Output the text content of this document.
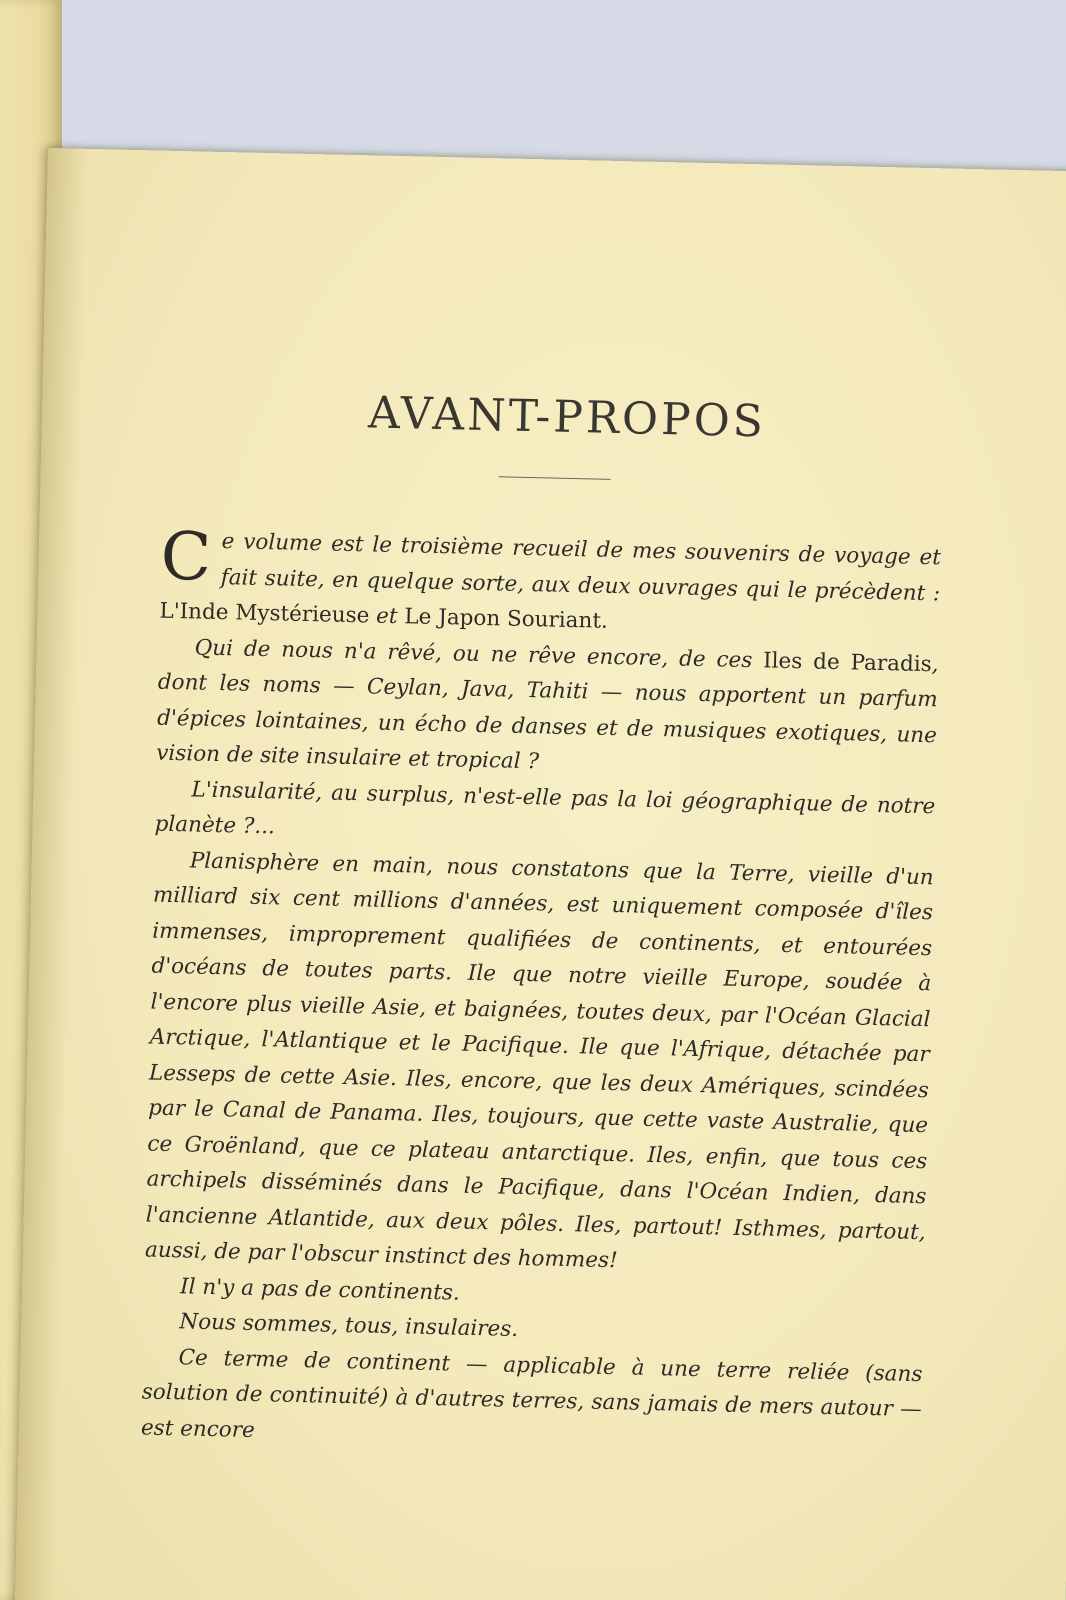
AVANT-PROPOS

Ce volume est le troisième recueil de mes souvenirs de voyage et fait suite, en quelque sorte, aux deux ouvrages qui le précèdent : L'Inde Mystérieuse et Le Japon Souriant.

Qui de nous n'a rêvé, ou ne rêve encore, de ces Iles de Paradis, dont les noms — Ceylan, Java, Tahiti — nous apportent un parfum d'épices lointaines, un écho de danses et de musiques exotiques, une vision de site insulaire et tropical ?

L'insularité, au surplus, n'est-elle pas la loi géographique de notre planète ?...

Planisphère en main, nous constatons que la Terre, vieille d'un milliard six cent millions d'années, est uniquement composée d'îles immenses, improprement qualifiées de continents, et entourées d'océans de toutes parts. Ile que notre vieille Europe, soudée à l'encore plus vieille Asie, et baignées, toutes deux, par l'Océan Glacial Arctique, l'Atlantique et le Pacifique. Ile que l'Afrique, détachée par Lesseps de cette Asie. Iles, encore, que les deux Amériques, scindées par le Canal de Panama. Iles, toujours, que cette vaste Australie, que ce Groënland, que ce plateau antarctique. Iles, enfin, que tous ces archipels disséminés dans le Pacifique, dans l'Océan Indien, dans l'ancienne Atlantide, aux deux pôles. Iles, partout! Isthmes, partout, aussi, de par l'obscur instinct des hommes!

Il n'y a pas de continents.

Nous sommes, tous, insulaires.

Ce terme de continent — applicable à une terre reliée (sans solution de continuité) à d'autres terres, sans jamais de mers autour — est encore
